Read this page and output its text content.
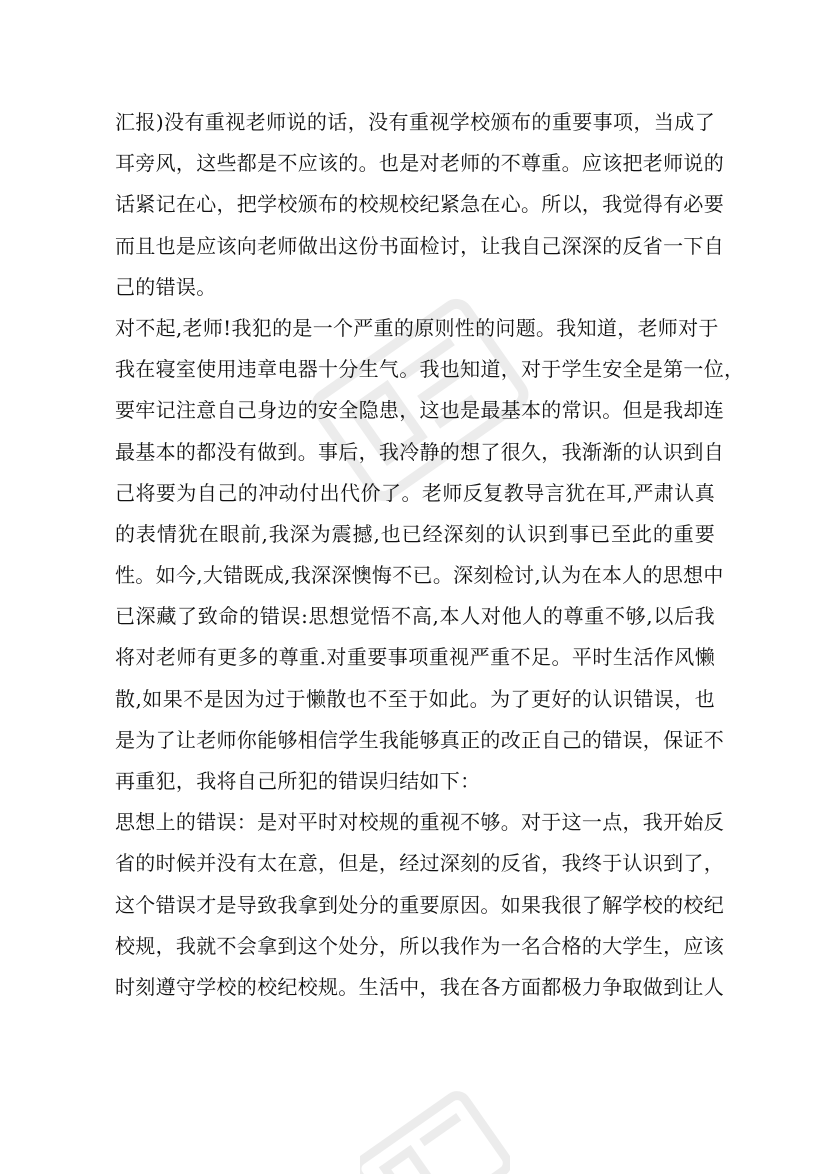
汇报)没有重视老师说的话，没有重视学校颁布的重要事项，当成了
耳旁风，这些都是不应该的。也是对老师的不尊重。应该把老师说的
话紧记在心，把学校颁布的校规校纪紧急在心。所以，我觉得有必要
而且也是应该向老师做出这份书面检讨，让我自己深深的反省一下自
己的错误。
对不起,老师!我犯的是一个严重的原则性的问题。我知道，老师对于
我在寝室使用违章电器十分生气。我也知道，对于学生安全是第一位，
要牢记注意自己身边的安全隐患，这也是最基本的常识。但是我却连
最基本的都没有做到。事后，我冷静的想了很久，我渐渐的认识到自
己将要为自己的冲动付出代价了。老师反复教导言犹在耳,严肃认真
的表情犹在眼前,我深为震撼,也已经深刻的认识到事已至此的重要
性。如今,大错既成,我深深懊悔不已。深刻检讨,认为在本人的思想中
已深藏了致命的错误:思想觉悟不高,本人对他人的尊重不够,以后我
将对老师有更多的尊重.对重要事项重视严重不足。平时生活作风懒
散,如果不是因为过于懒散也不至于如此。为了更好的认识错误，也
是为了让老师你能够相信学生我能够真正的改正自己的错误，保证不
再重犯，我将自己所犯的错误归结如下：
思想上的错误：是对平时对校规的重视不够。对于这一点，我开始反
省的时候并没有太在意，但是，经过深刻的反省，我终于认识到了，
这个错误才是导致我拿到处分的重要原因。如果我很了解学校的校纪
校规，我就不会拿到这个处分，所以我作为一名合格的大学生，应该
时刻遵守学校的校纪校规。生活中，我在各方面都极力争取做到让人
